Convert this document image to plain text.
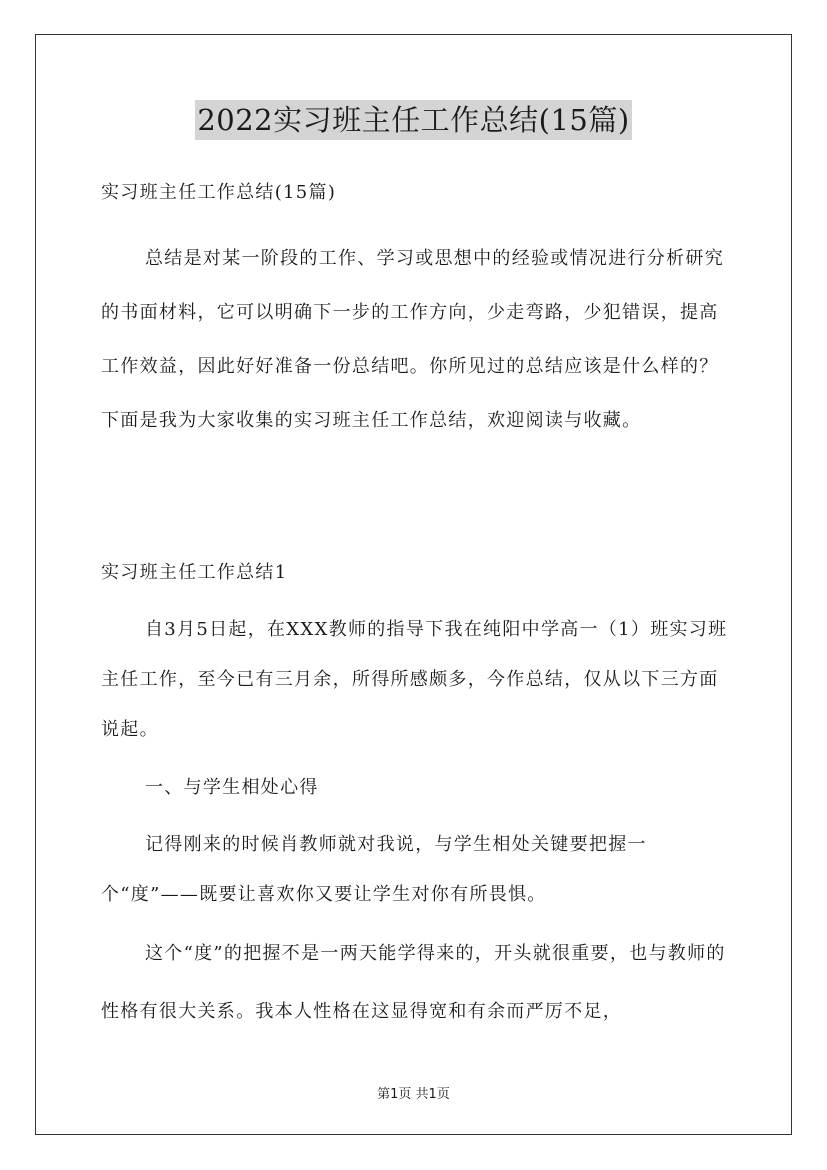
2022实习班主任工作总结(15篇)
实习班主任工作总结(15篇)
总结是对某一阶段的工作、学习或思想中的经验或情况进行分析研究的书面材料，它可以明确下一步的工作方向，少走弯路，少犯错误，提高工作效益，因此好好准备一份总结吧。你所见过的总结应该是什么样的？下面是我为大家收集的实习班主任工作总结，欢迎阅读与收藏。
实习班主任工作总结1
自3月5日起，在XXX教师的指导下我在纯阳中学高一（1）班实习班主任工作，至今已有三月余，所得所感颇多，今作总结，仅从以下三方面说起。
一、与学生相处心得
记得刚来的时候肖教师就对我说，与学生相处关键要把握一个“度”——既要让喜欢你又要让学生对你有所畏惧。
这个“度”的把握不是一两天能学得来的，开头就很重要，也与教师的性格有很大关系。我本人性格在这显得宽和有余而严厉不足，
第1页 共1页
